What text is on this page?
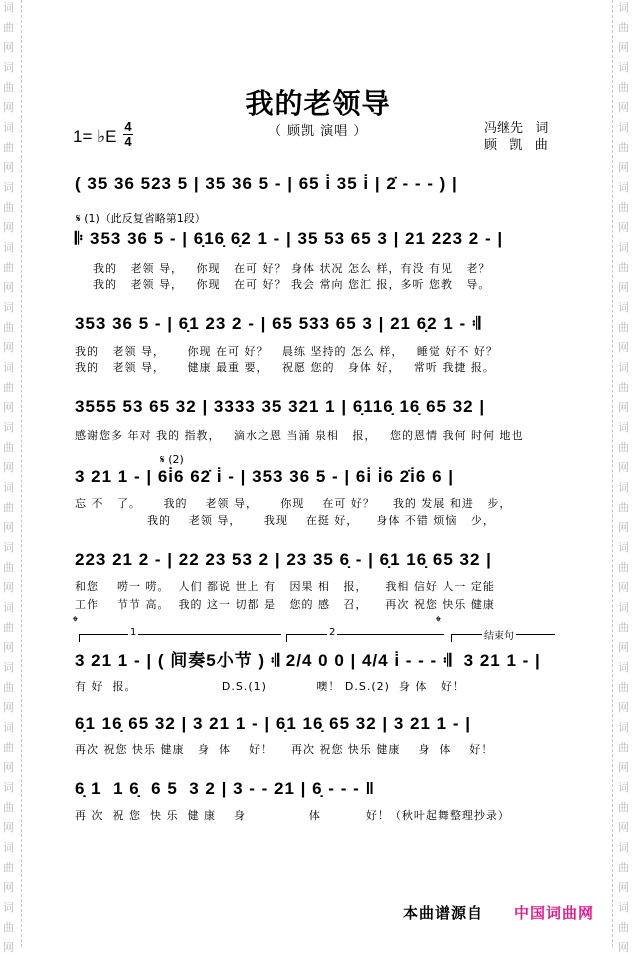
词
曲
网
词
曲
网
词
曲
网
词
曲
网
词
曲
网
词
曲
网
词
曲
网
词
曲
网
词
曲
网
词
曲
网
词
曲
网
词
曲
网
词
曲
网
词
曲
网
词
曲
网
词
曲
网
词
曲
网
词
曲
网
词
曲
网
词
曲
网
词
曲
网
词
曲
网
词
曲
网
词
曲
网
词
曲
网
词
曲
网
词
曲
网
词
曲
网
词
曲
网
词
曲
网
词
曲
网
词
曲
网
我的老领导
1= ♭E
4
4
（ 顾凯 演唱 ）	冯继先   词
顾   凯   曲
( 35 36 523 5 | 35 36 5 - | 65 i̇ 35 i̇ | 2̇ - - - ) |
𝄋 (1)（此反复省略第1段）
𝄆 353 36 5 - | 6̣16̣ 6̣2 1 - | 35 53 65 3 | 21 223 2 - |
我的   老领 导，   你现   在可 好？ 身体 状况 怎么 样，有没 有见   老？
我的   老领 导，   你现   在可 好？ 我会 常向 您汇 报，多听 您教   导。
353 36 5 - | 6̣1 23 2 - | 65 533 65 3 | 21 6̣2 1 - 𝄇
我的   老领 导，     你现 在可 好？   晨练 坚持的 怎么 样，   睡觉 好不 好？
我的   老领 导，     健康 最重 要，   祝愿 您的   身体 好，   常听 我捷 报。
3555 53 65 32 | 3333 35 321 1 | 6̣116̣ 16̣ 65 32 |
感谢您多 年对 我的 指教，   滴水之恩 当涌 泉相   报，   您的恩情 我何 时何 地也
𝄋 (2)
3 21 1 - | 6i̇6 62̇ i̇ - | 353 36 5 - | 6i̇ i̇6 2̇i̇6 6 |
忘 不   了。     我的    老领 导，     你现    在可 好？    我的 发展 和进   步，
我的    老领 导，     我现    在挺 好，    身体 不错 烦恼   少，
223 21 2 - | 22 23 53 2 | 23 35 6̣ - | 6̣1 16̣ 65 32 |
和您    唠一 唠。  人们 都说 世上 有   因果 相   报，    我相 信好 人一 定能
工作    节节 高。  我的 这一 切都 是   您的 感   召，    再次 祝您 快乐 健康
𝄌	𝄌
1	2	结束句
3 21 1 - | ( 间奏5小节 ) 𝄇 2/4 0 0 | 4/4 i̇ - - - 𝄇  3 21 1 - |
有 好  报。                   D.S.(1)           噢！ D.S.(2)  身 体   好！
6̣1 16̣ 65 32 | 3 21 1 - | 6̣1 16̣ 65 32 | 3 21 1 - |
再次 祝您 快乐 健康   身  体    好！    再次 祝您 快乐 健康    身  体    好！
6̣ 1  1 6̣  6 5  3 2 | 3 - - 21 | 6̣ - - - ‖
再 次  祝 您  快 乐  健 康    身              体          好！（秋叶起舞整理抄录）
本曲谱源自 中国词曲网
